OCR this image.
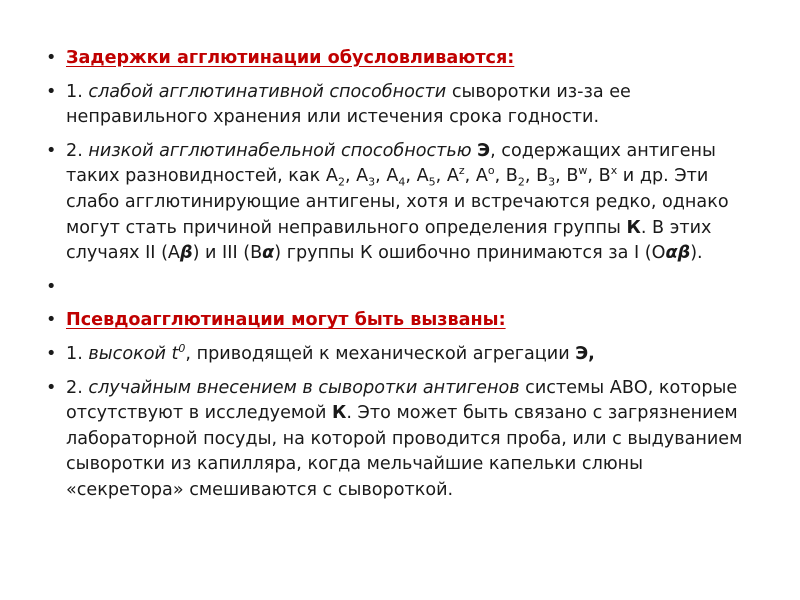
• Задержки агглютинации обусловливаются:
• 1. слабой агглютинативной способности сыворотки из-за ее неправильного хранения или истечения срока годности.
• 2. низкой агглютинабельной способностью Э, содержащих антигены таких разновидностей, как $А_2$, $А_3$, $А_4$, $А_5$, $А^z$, $А^о$, $В_2$, $В_3$, $В^w$, $В^x$ и др. Эти слабо агглютинирующие антигены, хотя и встречаются редко, однако могут стать причиной неправильного определения группы К. В этих случаях II (Аβ) и III (Вα) группы К ошибочно принимаются за I (Оαβ).
•
• Псевдоагглютинации могут быть вызваны:
• 1. высокой $t^0$, приводящей к механической агрегации Э,
• 2. случайным внесением в сыворотки антигенов системы АВО, которые отсутствуют в исследуемой К. Это может быть связано с загрязнением лабораторной посуды, на которой проводится проба, или с выдуванием сыворотки из капилляра, когда мельчайшие капельки слюны «секретора» смешиваются с сывороткой.
